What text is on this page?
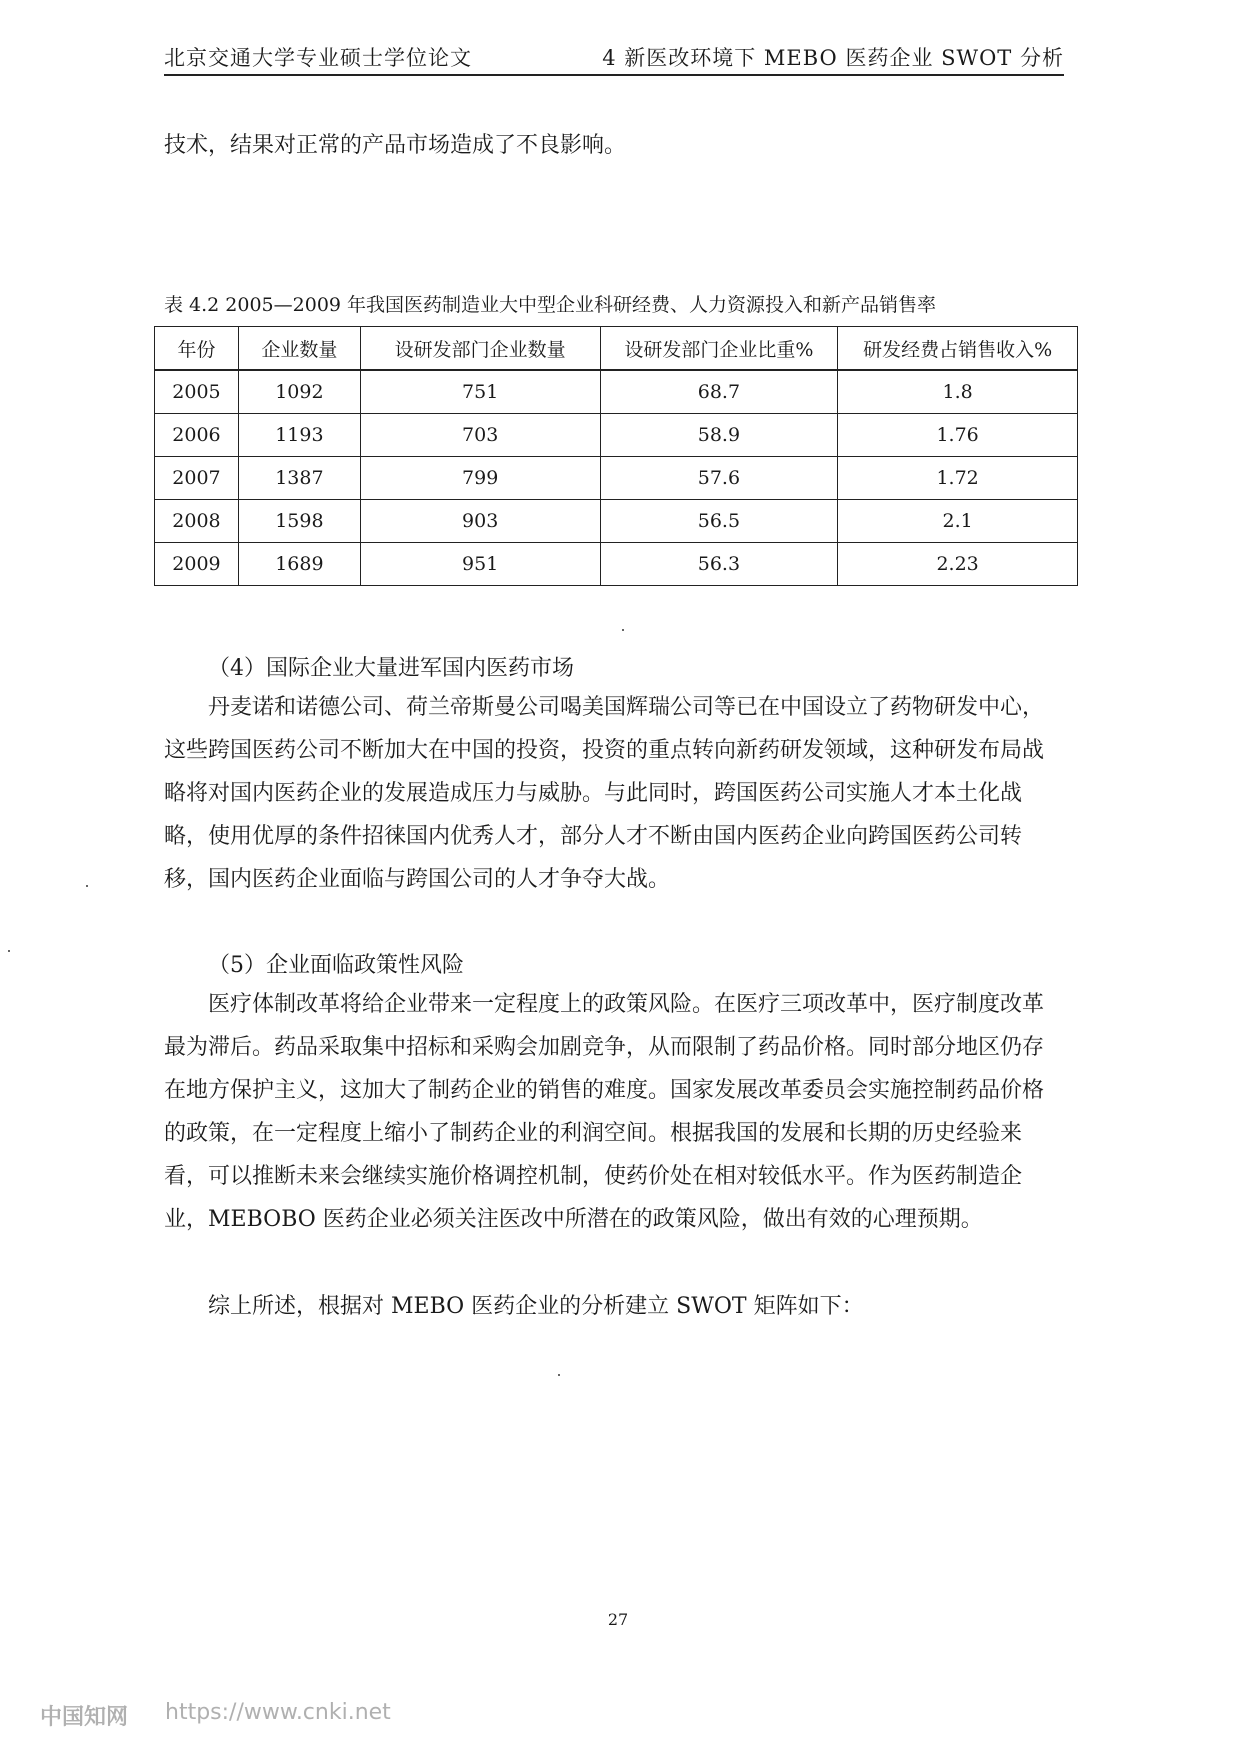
北京交通大学专业硕士学位论文	4 新医改环境下 MEBO 医药企业 SWOT 分析

技术，结果对正常的产品市场造成了不良影响。

表 4.2 2005—2009 年我国医药制造业大中型企业科研经费、人力资源投入和新产品销售率
年份	企业数量	设研发部门企业数量	设研发部门企业比重%	研发经费占销售收入%
2005	1092	751	68.7	1.8
2006	1193	703	58.9	1.76
2007	1387	799	57.6	1.72
2008	1598	903	56.5	2.1
2009	1689	951	56.3	2.23

（4）国际企业大量进军国内医药市场

丹麦诺和诺德公司、荷兰帝斯曼公司喝美国辉瑞公司等已在中国设立了药物研发中心，这些跨国医药公司不断加大在中国的投资，投资的重点转向新药研发领域，这种研发布局战略将对国内医药企业的发展造成压力与威胁。与此同时，跨国医药公司实施人才本土化战略，使用优厚的条件招徕国内优秀人才，部分人才不断由国内医药企业向跨国医药公司转移，国内医药企业面临与跨国公司的人才争夺大战。

（5）企业面临政策性风险

医疗体制改革将给企业带来一定程度上的政策风险。在医疗三项改革中，医疗制度改革最为滞后。药品采取集中招标和采购会加剧竞争，从而限制了药品价格。同时部分地区仍存在地方保护主义，这加大了制药企业的销售的难度。国家发展改革委员会实施控制药品价格的政策，在一定程度上缩小了制药企业的利润空间。根据我国的发展和长期的历史经验来看，可以推断未来会继续实施价格调控机制，使药价处在相对较低水平。作为医药制造企业，MEBOBO 医药企业必须关注医改中所潜在的政策风险，做出有效的心理预期。

综上所述，根据对 MEBO 医药企业的分析建立 SWOT 矩阵如下：

27
中国知网 https://www.cnki.net
